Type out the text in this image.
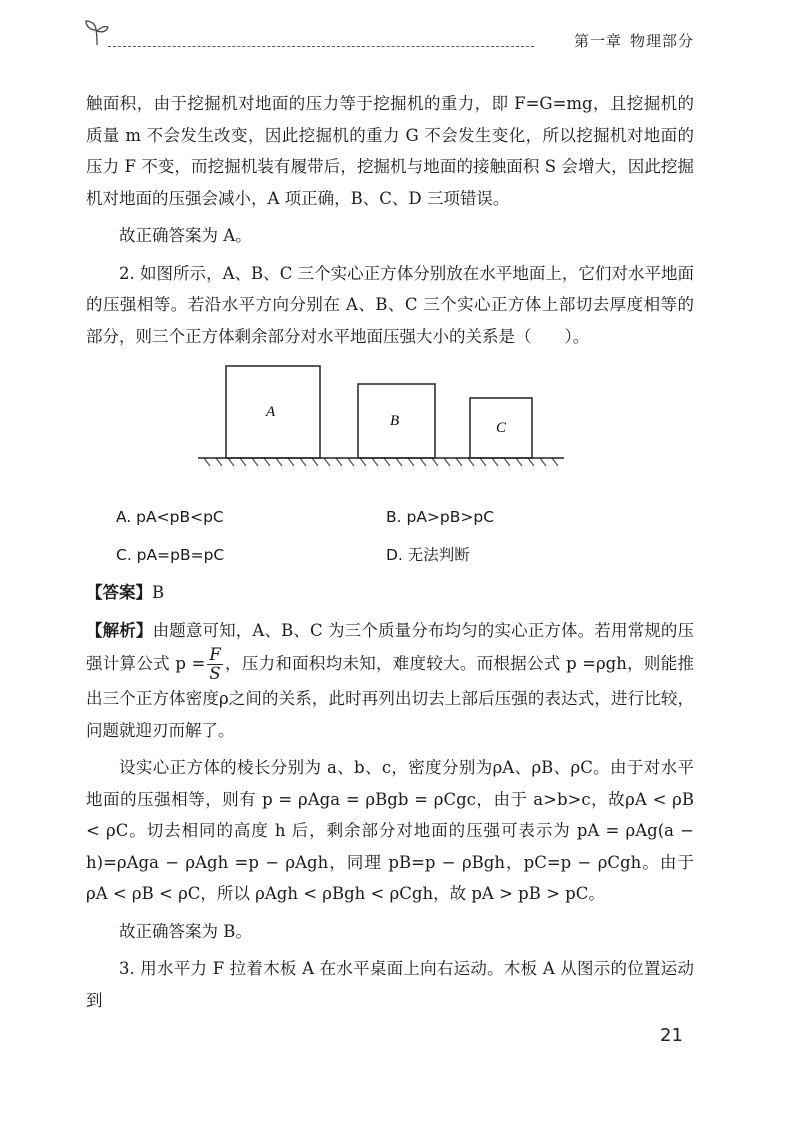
第一章 物理部分

触面积，由于挖掘机对地面的压力等于挖掘机的重力，即 F=G=mg，且挖掘机的质量 m 不会发生改变，因此挖掘机的重力 G 不会发生变化，所以挖掘机对地面的压力 F 不变，而挖掘机装有履带后，挖掘机与地面的接触面积 S 会增大，因此挖掘机对地面的压强会减小，A 项正确，B、C、D 三项错误。

故正确答案为 A。

2. 如图所示，A、B、C 三个实心正方体分别放在水平地面上，它们对水平地面的压强相等。若沿水平方向分别在 A、B、C 三个实心正方体上部切去厚度相等的部分，则三个正方体剩余部分对水平地面压强大小的关系是（　　）。

A
B	C
A. pA<pB<pC	B. pA>pB>pC
C. pA=pB=pC	D. 无法判断

【答案】B

【解析】由题意可知，A、B、C 为三个质量分布均匀的实心正方体。若用常规的压强计算公式 $p = \frac{F}{S}$ ，压力和面积均未知，难度较大。而根据公式 p =ρgh，则能推出三个正方体密度ρ之间的关系，此时再列出切去上部后压强的表达式，进行比较，问题就迎刃而解了。

设实心正方体的棱长分别为 a、b、c，密度分别为ρA、ρB、ρC。由于对水平地面的压强相等，则有 p = ρAga = ρBgb = ρCgc，由于 a>b>c，故ρA < ρB < ρC。切去相同的高度 h 后，剩余部分对地面的压强可表示为 pA = ρAg(a − h)=ρAga − ρAgh =p − ρAgh，同理 pB=p − ρBgh，pC=p − ρCgh。由于 ρA < ρB < ρC，所以 ρAgh < ρBgh < ρCgh，故 pA > pB > pC。

故正确答案为 B。

3. 用水平力 F 拉着木板 A 在水平桌面上向右运动。木板 A 从图示的位置运动到

21
